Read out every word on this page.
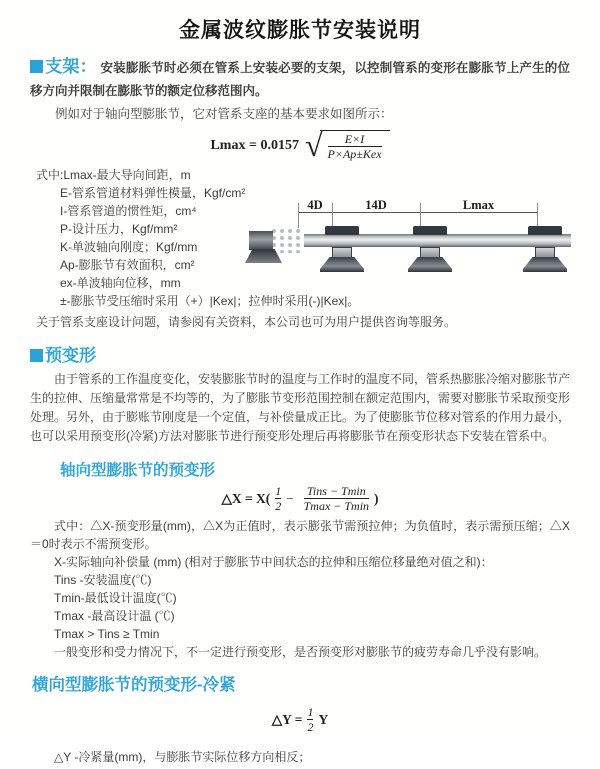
金属波纹膨胀节安装说明

支架： 安装膨胀节时必须在管系上安装必要的支架，以控制管系的变形在膨胀节上产生的位移方向并限制在膨胀节的额定位移范围内。

例如对于轴向型膨胀节，它对管系支座的基本要求如图所示：

Lmax = 0.0157 √
$\frac{E\times I}{\text{P×Ap±Kex}}$

式中:Lmax-最大导向间距，m

E-管系管道材料弹性模量，Kgf/cm²

I-管系管道的惯性矩，cm⁴

P-设计压力，Kgf/mm²

K-单波轴向刚度；Kgf/mm

Ap-膨胀节有效面积，cm²

ex-单波轴向位移，mm

±-膨胀节受压缩时采用（+）|Kex|；拉伸时采用(-)|Kex|。

关于管系支座设计问题，请参阅有关资料，本公司也可为用户提供咨询等服务。

4D	14D	Lmax
预变形

由于管系的工作温度变化，安装膨胀节时的温度与工作时的温度不同，管系热膨胀冷缩对膨胀节产生的拉伸、压缩量常常是不均等的，为了膨胀节变形范围控制在额定范围内，需要对膨胀节采取预变形处理。另外，由于膨账节刚度是一个定值，与补偿量成正比。为了使膨胀节位移对管系的作用力最小，也可以采用预变形(冷紧)方法对膨胀节进行预变形处理后再将膨胀节在预变形状态下安装在管系中。

轴向型膨胀节的预变形
△X = $X( \frac{1}{2} - \frac{\text{Tins − Tmin}}{Tmax - Tmin}$ )

式中：△X-预变形量(mm)，△X为正值时，表示膨张节需预拉伸；为负值时，表示需预压缩；△X＝0时表示不需预变形。

X-实际轴向补偿量 (mm) (相对于膨胀节中间状态的拉伸和压缩位移量绝对值之和)：

Tins -安装温度(℃)

Tmin-最低设计温度(℃)

Tmax -最高设计温 (℃)

Tmax > Tins ≥ Tmin

一般变形和受力情况下，不一定进行预变形，是否预变形对膨胀节的疲劳寿命几乎没有影响。

横向型膨胀节的预变形-冷紧
△Y = $\frac{1}{2}$ Y

△Y -冷紧量(mm)，与膨胀节实际位移方向相反；
